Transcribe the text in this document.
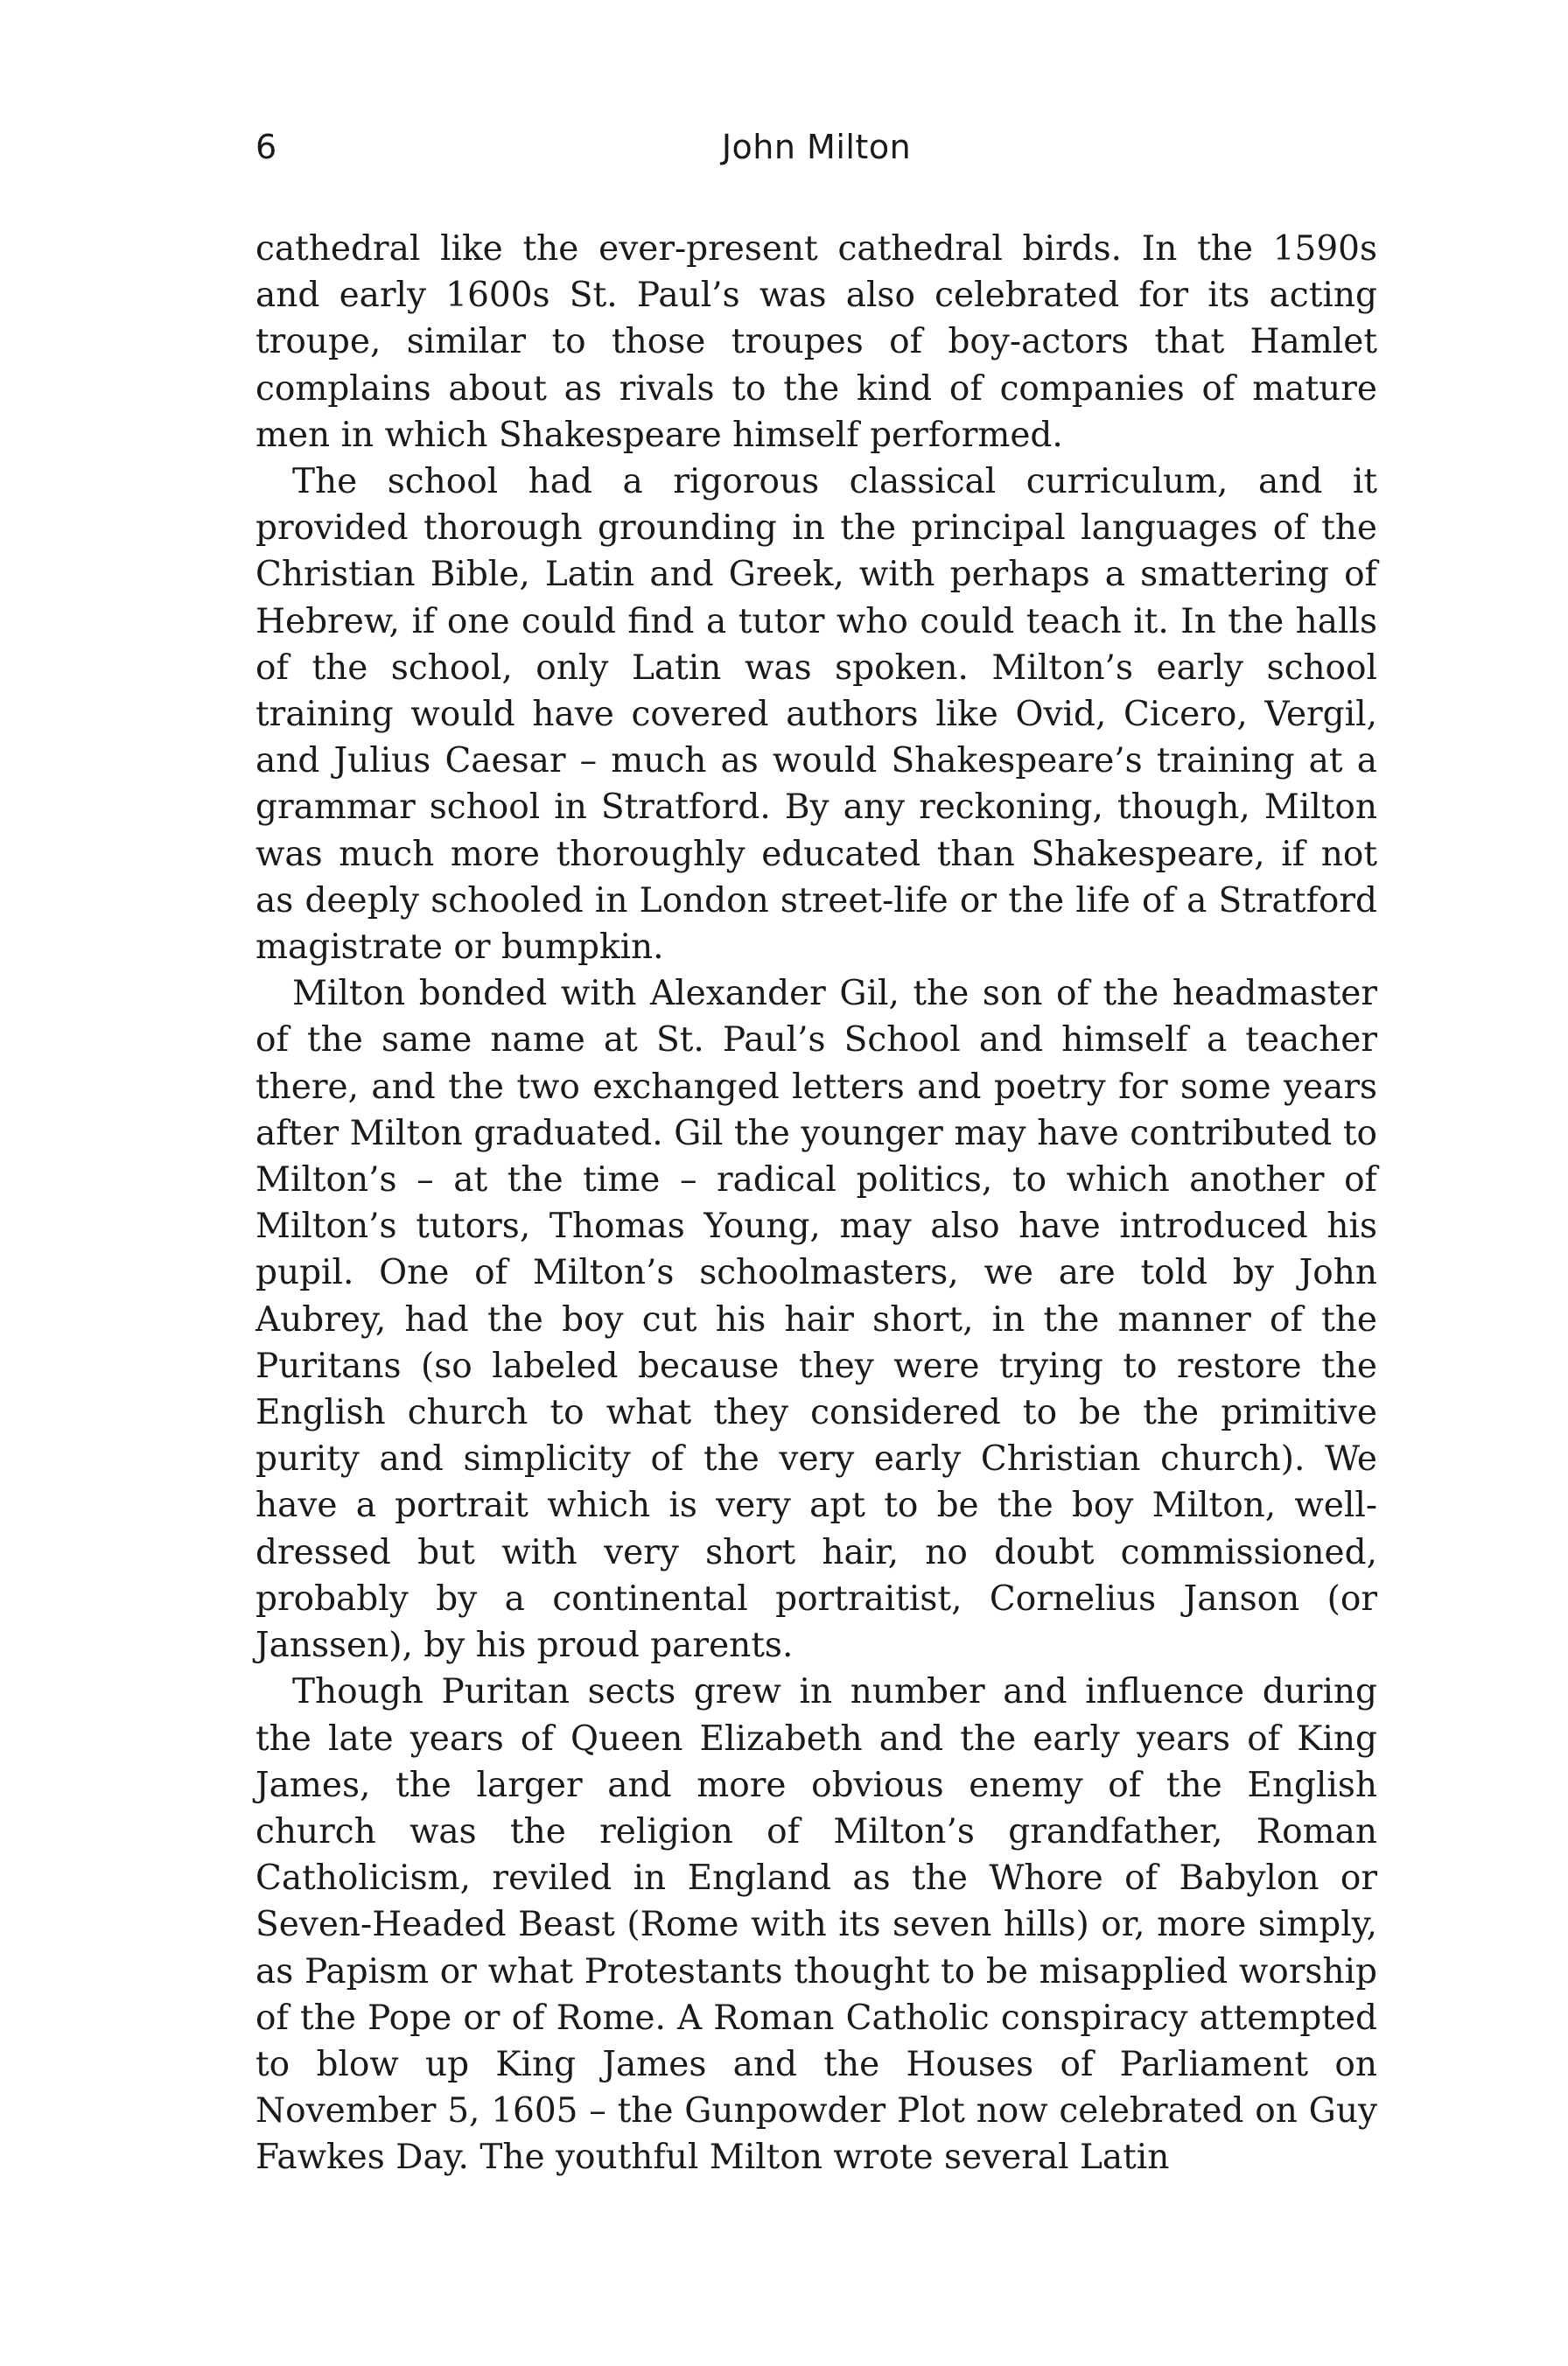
6	John Milton

cathedral like the ever-present cathedral birds. In the 1590s and early 1600s St. Paul’s was also celebrated for its acting troupe, similar to those troupes of boy-actors that Hamlet complains about as rivals to the kind of companies of mature men in which Shakespeare himself performed.

The school had a rigorous classical curriculum, and it provided thorough grounding in the principal languages of the Christian Bible, Latin and Greek, with perhaps a smattering of Hebrew, if one could find a tutor who could teach it. In the halls of the school, only Latin was spoken. Milton’s early school training would have covered authors like Ovid, Cicero, Vergil, and Julius Caesar – much as would Shakespeare’s training at a grammar school in Stratford. By any reckoning, though, Milton was much more thoroughly educated than Shakespeare, if not as deeply schooled in London street-life or the life of a Stratford magistrate or bumpkin.

Milton bonded with Alexander Gil, the son of the headmaster of the same name at St. Paul’s School and himself a teacher there, and the two exchanged letters and poetry for some years after Milton graduated. Gil the younger may have contributed to Milton’s – at the time – radical politics, to which another of Milton’s tutors, Thomas Young, may also have introduced his pupil. One of Milton’s schoolmasters, we are told by John Aubrey, had the boy cut his hair short, in the manner of the Puritans (so labeled because they were trying to restore the English church to what they considered to be the primitive purity and simplicity of the very early Christian church). We have a portrait which is very apt to be the boy Milton, well-dressed but with very short hair, no doubt commissioned, probably by a continental portraitist, Cornelius Janson (or Janssen), by his proud parents.

Though Puritan sects grew in number and influence during the late years of Queen Elizabeth and the early years of King James, the larger and more obvious enemy of the English church was the religion of Milton’s grandfather, Roman Catholicism, reviled in England as the Whore of Babylon or Seven-Headed Beast (Rome with its seven hills) or, more simply, as Papism or what Protestants thought to be misapplied worship of the Pope or of Rome. A Roman Catholic conspiracy attempted to blow up King James and the Houses of Parliament on November 5, 1605 – the Gunpowder Plot now celebrated on Guy Fawkes Day. The youthful Milton wrote several Latin
